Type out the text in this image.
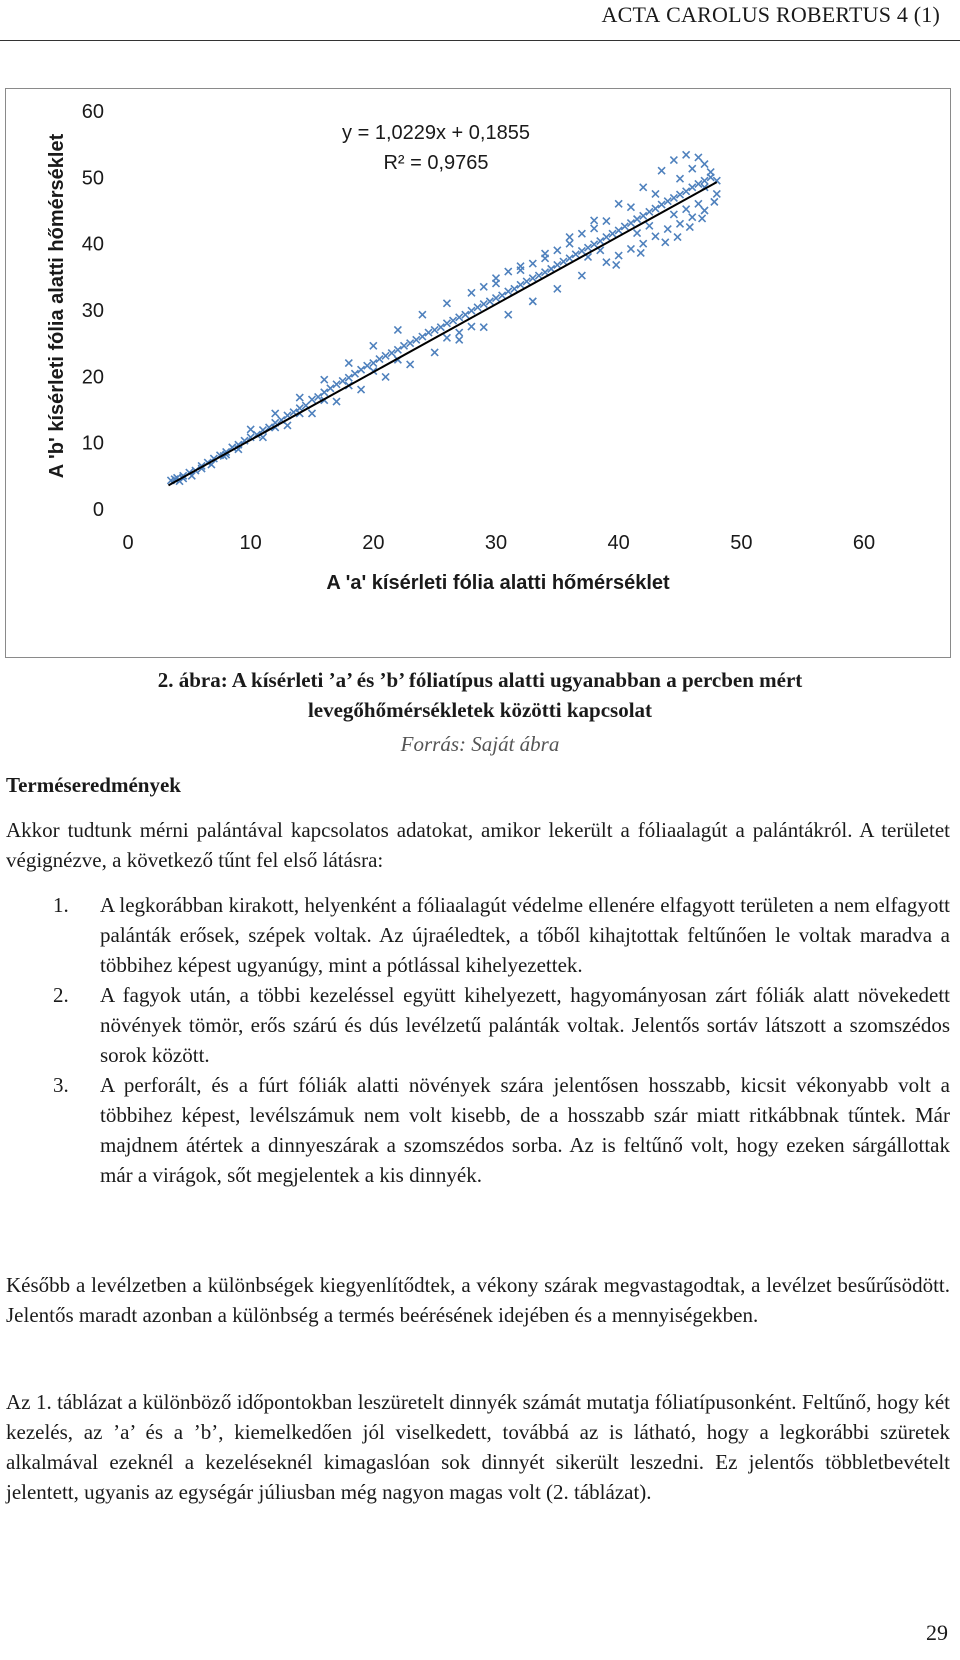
ACTA CAROLUS ROBERTUS 4 (1)
0
10
20
30
40
50
60
0	10	20	30	40	50	60
y = 1,0229x + 0,1855
R² = 0,9765
A 'a' kísérleti fólia alatti hőmérséklet
A 'b' kísérleti fólia alatti hőmérséklet
2. ábra: A kísérleti ’a’ és ’b’ fóliatípus alatti ugyanabban a percben mért
levegőhőmérsékletek közötti kapcsolat
Forrás: Saját ábra
Terméseredmények

Akkor tudtunk mérni palántával kapcsolatos adatokat, amikor lekerült a fóliaalagút a palántákról. A területet végignézve, a következő tűnt fel első látásra:

1. A legkorábban kirakott, helyenként a fóliaalagút védelme ellenére elfagyott területen a nem elfagyott palánták erősek, szépek voltak. Az újraéledtek, a tőből kihajtottak feltűnően le voltak maradva a többihez képest ugyanúgy, mint a pótlással kihelyezettek.
2. A fagyok után, a többi kezeléssel együtt kihelyezett, hagyományosan zárt fóliák alatt növekedett növények tömör, erős szárú és dús levélzetű palánták voltak. Jelentős sortáv látszott a szomszédos sorok között.
3. A perforált, és a fúrt fóliák alatti növények szára jelentősen hosszabb, kicsit vékonyabb volt a többihez képest, levélszámuk nem volt kisebb, de a hosszabb szár miatt ritkábbnak tűntek. Már majdnem átértek a dinnyeszárak a szomszédos sorba. Az is feltűnő volt, hogy ezeken sárgállottak már a virágok, sőt megjelentek a kis dinnyék.

Később a levélzetben a különbségek kiegyenlítődtek, a vékony szárak megvastagodtak, a levélzet besűrűsödött. Jelentős maradt azonban a különbség a termés beérésének idejében és a mennyiségekben.

Az 1. táblázat a különböző időpontokban leszüretelt dinnyék számát mutatja fóliatípusonként. Feltűnő, hogy két kezelés, az ’a’ és a ’b’, kiemelkedően jól viselkedett, továbbá az is látható, hogy a legkorábbi szüretek alkalmával ezeknél a kezeléseknél kimagaslóan sok dinnyét sikerült leszedni. Ez jelentős többletbevételt jelentett, ugyanis az egységár júliusban még nagyon magas volt (2. táblázat).

29
